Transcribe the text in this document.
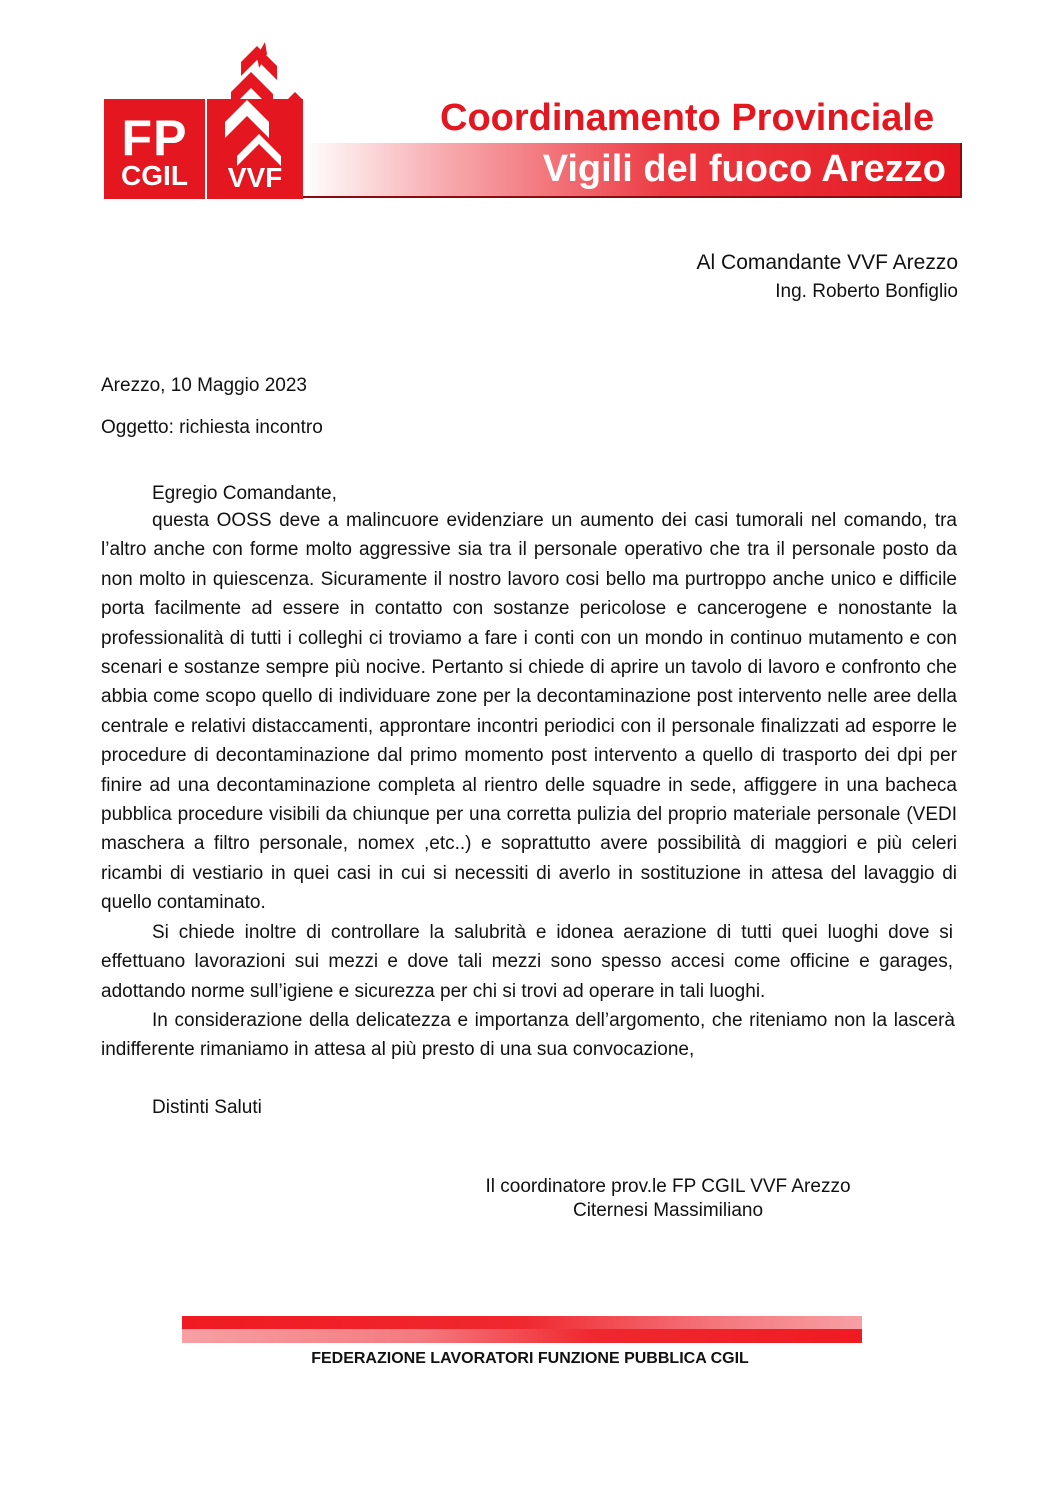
FP
CGIL	VVF
Coordinamento Provinciale
Vigili del fuoco Arezzo
Al Comandante VVF Arezzo
Ing. Roberto Bonfiglio
Arezzo, 10 Maggio 2023
Oggetto: richiesta incontro
Egregio Comandante,

questa OOSS deve a malincuore evidenziare un aumento dei casi tumorali nel comando, tra l’altro anche con forme molto aggressive sia tra il personale operativo che tra il personale posto da non molto in quiescenza. Sicuramente il nostro lavoro cosi bello ma purtroppo anche unico e difficile porta facilmente ad essere in contatto con sostanze pericolose e cancerogene e nonostante la professionalità di tutti i colleghi ci troviamo a fare i conti con un mondo in continuo mutamento e con scenari e sostanze sempre più nocive. Pertanto si chiede di aprire un tavolo di lavoro e confronto che abbia come scopo quello di individuare zone per la decontaminazione post intervento nelle aree della centrale e relativi distaccamenti, approntare incontri periodici con il personale finalizzati ad esporre le procedure di decontaminazione dal primo momento post intervento a quello di trasporto dei dpi per finire ad una decontaminazione completa al rientro delle squadre in sede, affiggere in una bacheca pubblica procedure visibili da chiunque per una corretta pulizia del proprio materiale personale (VEDI maschera a filtro personale, nomex ,etc..) e soprattutto avere possibilità di maggiori e più celeri ricambi di vestiario in quei casi in cui si necessiti di averlo in sostituzione in attesa del lavaggio di quello contaminato.

Si chiede inoltre di controllare la salubrità e idonea aerazione di tutti quei luoghi dove si effettuano lavorazioni sui mezzi e dove tali mezzi sono spesso accesi come officine e garages, adottando norme sull’igiene e sicurezza per chi si trovi ad operare in tali luoghi.

In considerazione della delicatezza e importanza dell’argomento, che riteniamo non la lascerà indifferente rimaniamo in attesa al più presto di una sua convocazione,

Distinti Saluti
Il coordinatore prov.le FP CGIL VVF Arezzo
Citernesi Massimiliano
FEDERAZIONE LAVORATORI FUNZIONE PUBBLICA CGIL
